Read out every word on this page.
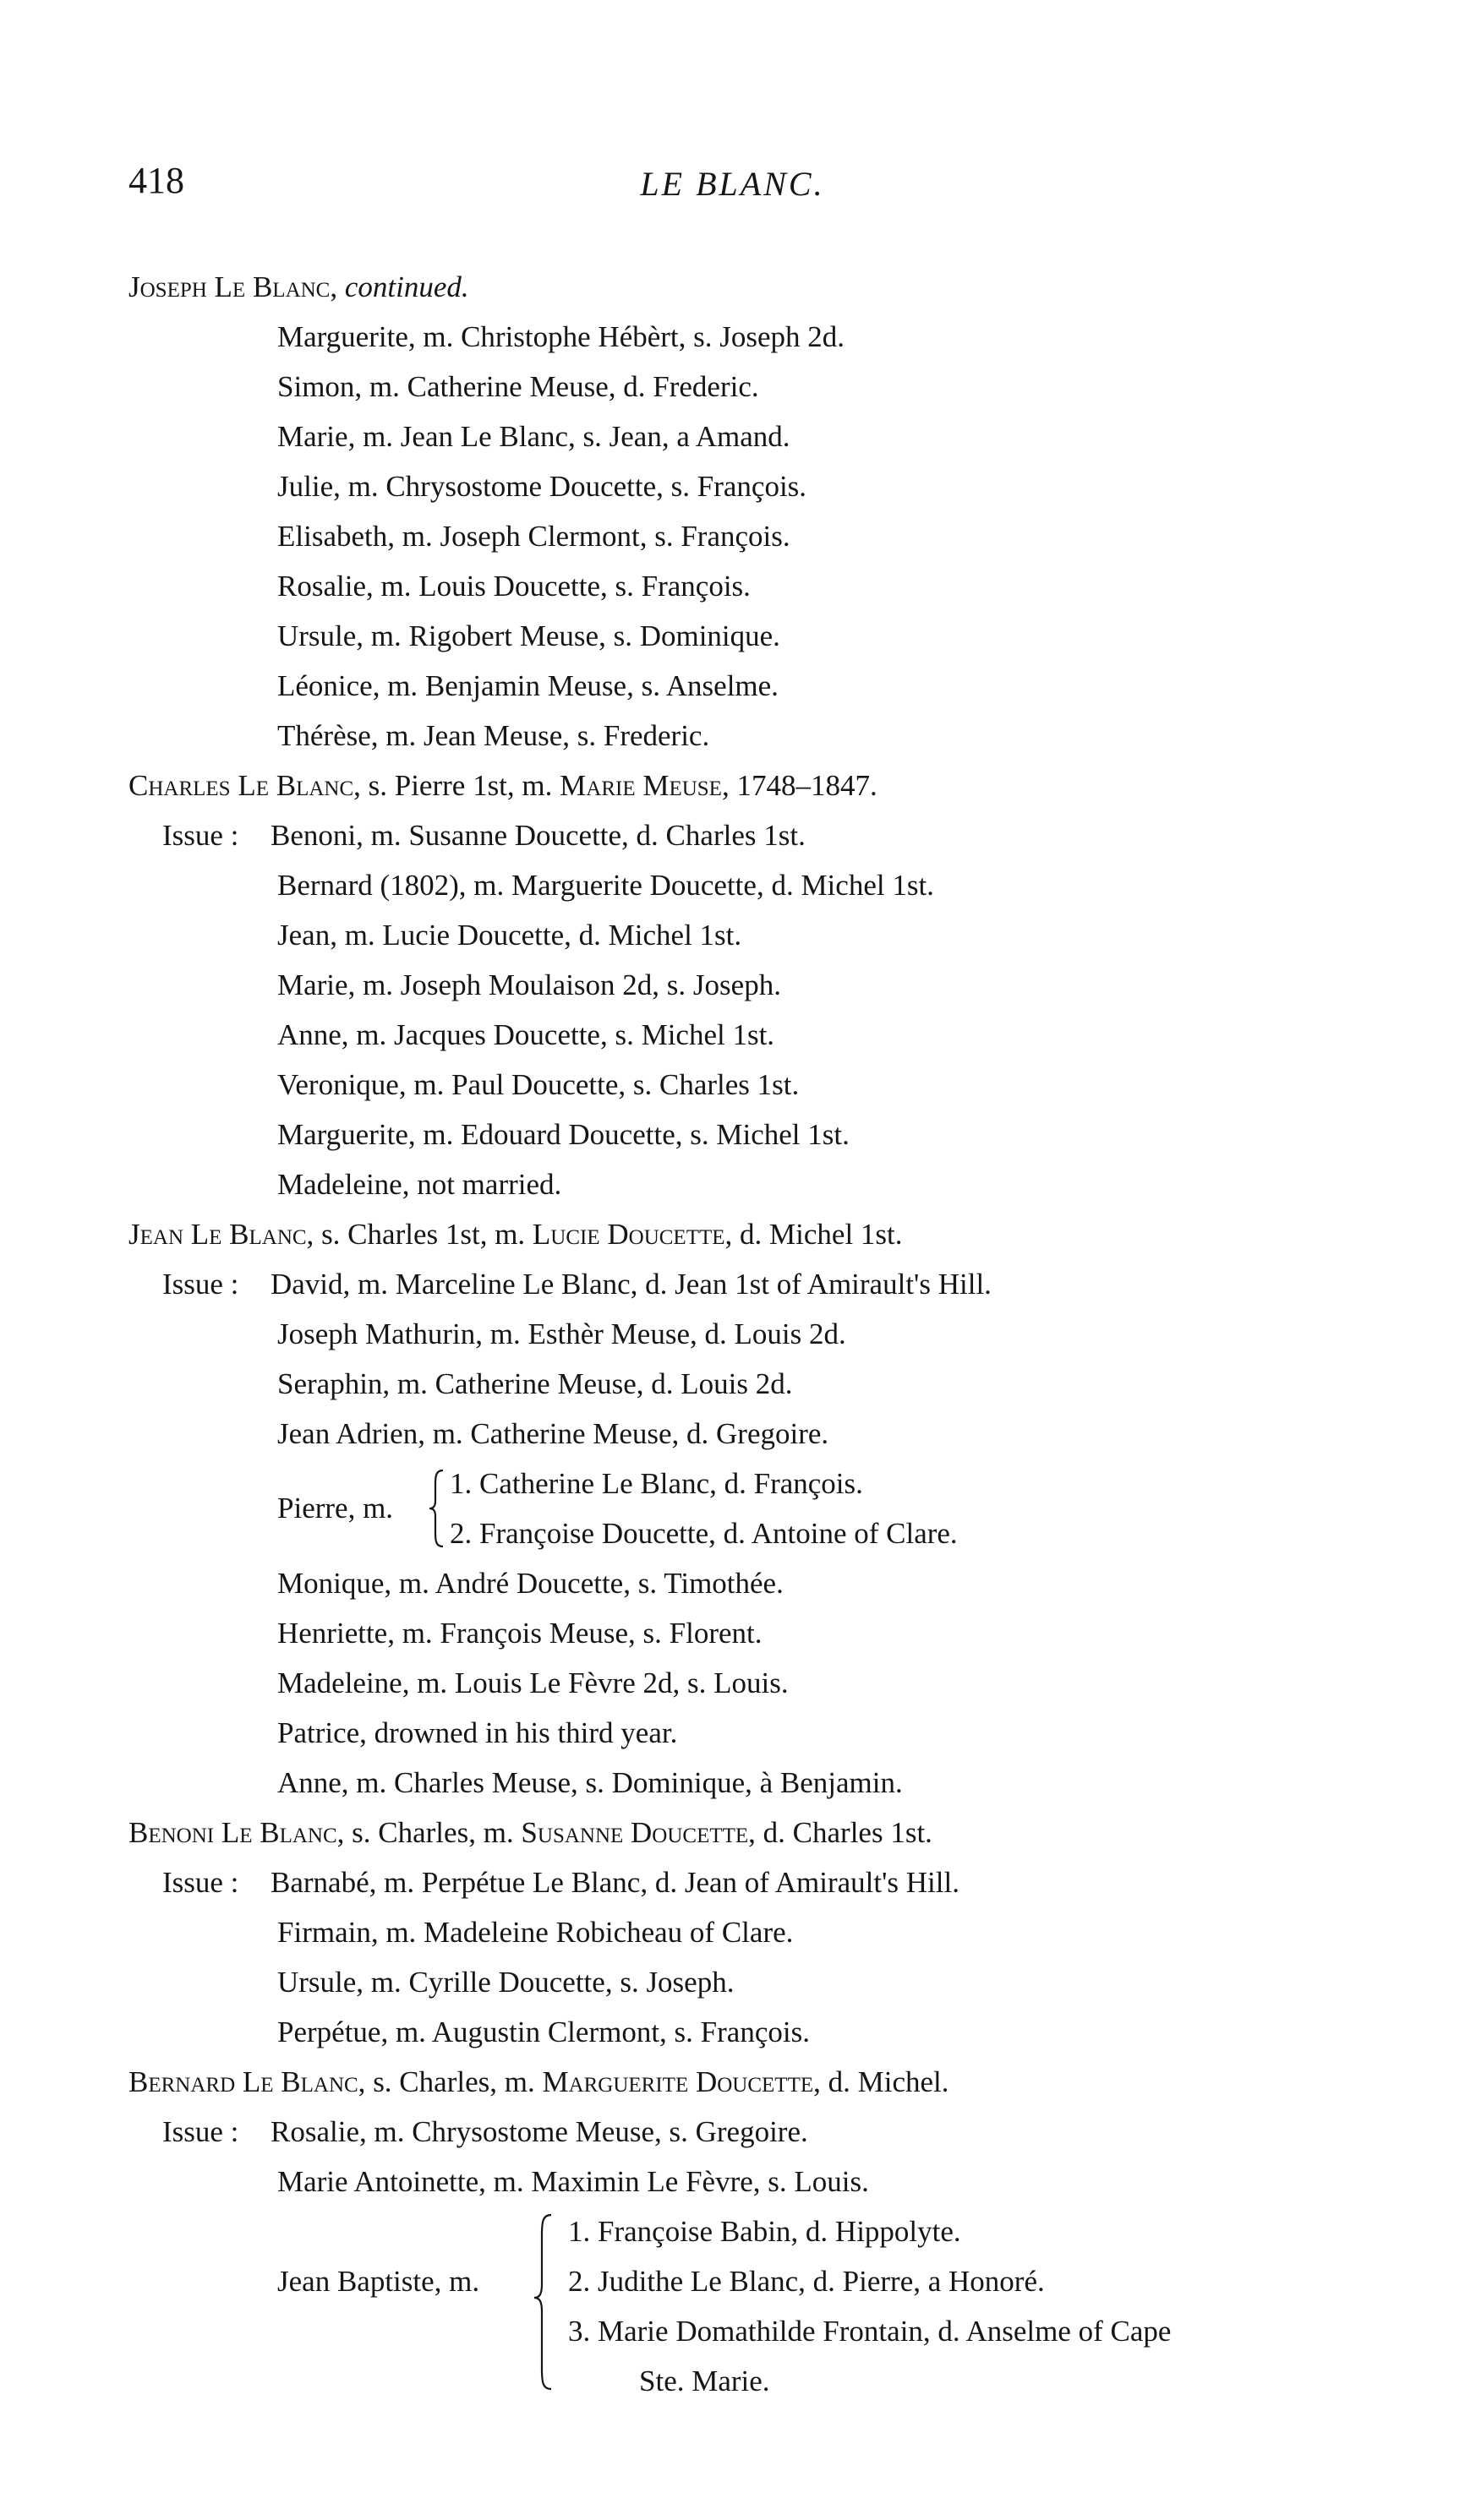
418	LE BLANC.
Joseph Le Blanc, continued.
Marguerite, m. Christophe Hébèrt, s. Joseph 2d.
Simon, m. Catherine Meuse, d. Frederic.
Marie, m. Jean Le Blanc, s. Jean, a Amand.
Julie, m. Chrysostome Doucette, s. François.
Elisabeth, m. Joseph Clermont, s. François.
Rosalie, m. Louis Doucette, s. François.
Ursule, m. Rigobert Meuse, s. Dominique.
Léonice, m. Benjamin Meuse, s. Anselme.
Thérèse, m. Jean Meuse, s. Frederic.
Charles Le Blanc, s. Pierre 1st, m. Marie Meuse, 1748–1847.
Issue : Benoni, m. Susanne Doucette, d. Charles 1st.
Bernard (1802), m. Marguerite Doucette, d. Michel 1st.
Jean, m. Lucie Doucette, d. Michel 1st.
Marie, m. Joseph Moulaison 2d, s. Joseph.
Anne, m. Jacques Doucette, s. Michel 1st.
Veronique, m. Paul Doucette, s. Charles 1st.
Marguerite, m. Edouard Doucette, s. Michel 1st.
Madeleine, not married.
Jean Le Blanc, s. Charles 1st, m. Lucie Doucette, d. Michel 1st.
Issue : David, m. Marceline Le Blanc, d. Jean 1st of Amirault's Hill.
Joseph Mathurin, m. Esthèr Meuse, d. Louis 2d.
Seraphin, m. Catherine Meuse, d. Louis 2d.
Jean Adrien, m. Catherine Meuse, d. Gregoire.
Pierre, m.
1. Catherine Le Blanc, d. François.
2. Françoise Doucette, d. Antoine of Clare.
Monique, m. André Doucette, s. Timothée.
Henriette, m. François Meuse, s. Florent.
Madeleine, m. Louis Le Fèvre 2d, s. Louis.
Patrice, drowned in his third year.
Anne, m. Charles Meuse, s. Dominique, à Benjamin.
Benoni Le Blanc, s. Charles, m. Susanne Doucette, d. Charles 1st.
Issue : Barnabé, m. Perpétue Le Blanc, d. Jean of Amirault's Hill.
Firmain, m. Madeleine Robicheau of Clare.
Ursule, m. Cyrille Doucette, s. Joseph.
Perpétue, m. Augustin Clermont, s. François.
Bernard Le Blanc, s. Charles, m. Marguerite Doucette, d. Michel.
Issue : Rosalie, m. Chrysostome Meuse, s. Gregoire.
Marie Antoinette, m. Maximin Le Fèvre, s. Louis.
Jean Baptiste, m.
1. Françoise Babin, d. Hippolyte.
2. Judithe Le Blanc, d. Pierre, a Honoré.
3. Marie Domathilde Frontain, d. Anselme of Cape
Ste. Marie.
